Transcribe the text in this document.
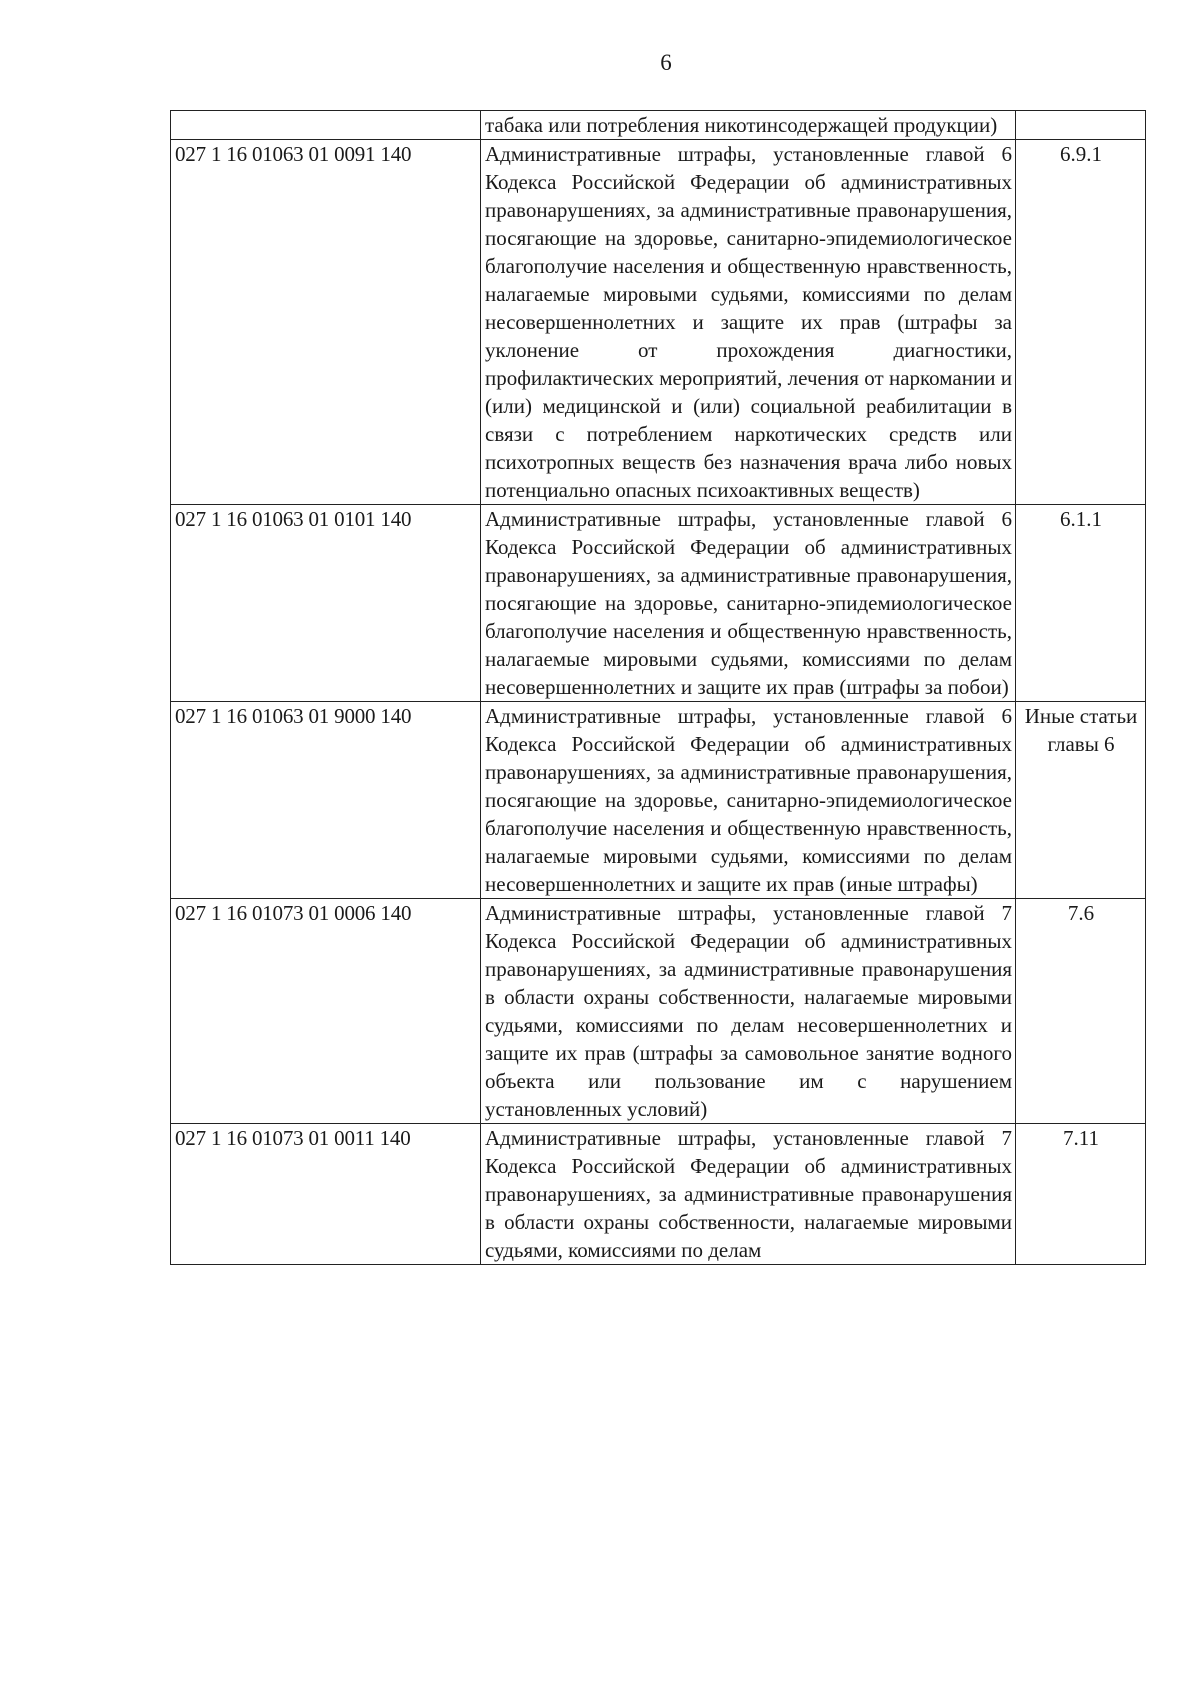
6
	табака или потребления никотинсодержащей продукции)	
027 1 16 01063 01 0091 140	Административные штрафы, установленные главой 6 Кодекса Российской Федерации об административных правонарушениях, за административные правонарушения, посягающие на здоровье, санитарно-эпидемиологическое благополучие населения и общественную нравственность, налагаемые мировыми судьями, комиссиями по делам несовершеннолетних и защите их прав (штрафы за уклонение от прохождения диагностики, профилактических мероприятий, лечения от наркомании и (или) медицинской и (или) социальной реабилитации в связи с потреблением наркотических средств или психотропных веществ без назначения врача либо новых потенциально опасных психоактивных веществ)	6.9.1
027 1 16 01063 01 0101 140	Административные штрафы, установленные главой 6 Кодекса Российской Федерации об административных правонарушениях, за административные правонарушения, посягающие на здоровье, санитарно-эпидемиологическое благополучие населения и общественную нравственность, налагаемые мировыми судьями, комиссиями по делам несовершеннолетних и защите их прав (штрафы за побои)	6.1.1
027 1 16 01063 01 9000 140	Административные штрафы, установленные главой 6 Кодекса Российской Федерации об административных правонарушениях, за административные правонарушения, посягающие на здоровье, санитарно-эпидемиологическое благополучие населения и общественную нравственность, налагаемые мировыми судьями, комиссиями по делам несовершеннолетних и защите их прав (иные штрафы)	Иные статьи главы 6
027 1 16 01073 01 0006 140	Административные штрафы, установленные главой 7 Кодекса Российской Федерации об административных правонарушениях, за административные правонарушения в области охраны собственности, налагаемые мировыми судьями, комиссиями по делам несовершеннолетних и защите их прав (штрафы за самовольное занятие водного объекта или пользование им с нарушением установленных условий)	7.6
027 1 16 01073 01 0011 140	Административные штрафы, установленные главой 7 Кодекса Российской Федерации об административных правонарушениях, за административные правонарушения в области охраны собственности, налагаемые мировыми судьями, комиссиями по делам	7.11
